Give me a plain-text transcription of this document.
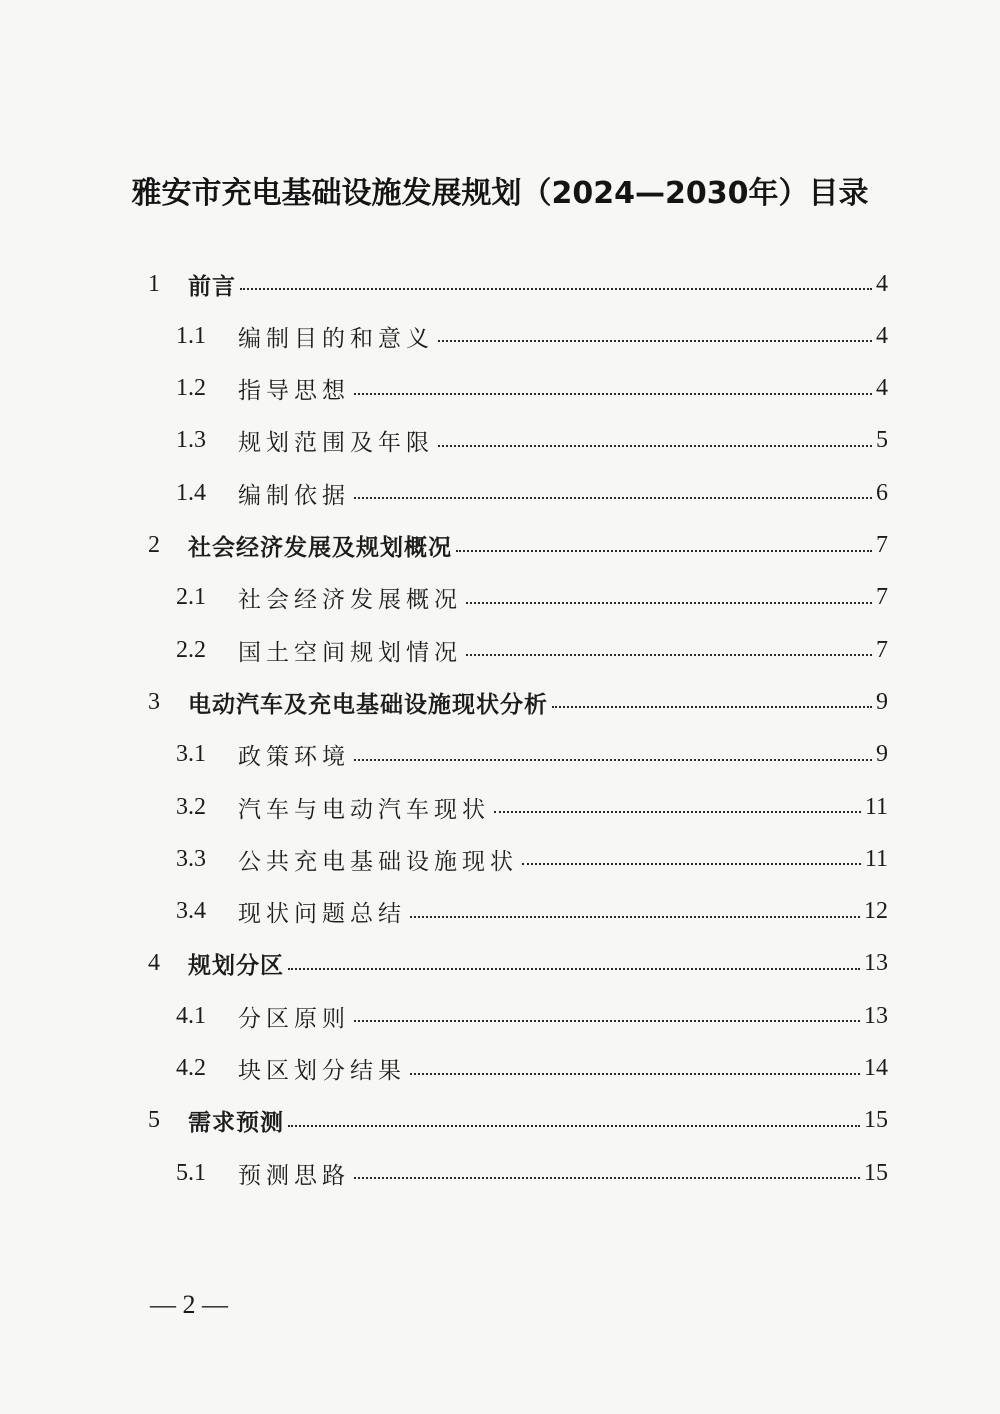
雅安市充电基础设施发展规划（2024—2030年）目录
1	前言	4
1.1	编制目的和意义	4
1.2	指导思想	4
1.3	规划范围及年限	5
1.4	编制依据	6
2	社会经济发展及规划概况	7
2.1	社会经济发展概况	7
2.2	国土空间规划情况	7
3	电动汽车及充电基础设施现状分析	9
3.1	政策环境	9
3.2	汽车与电动汽车现状	11
3.3	公共充电基础设施现状	11
3.4	现状问题总结	12
4	规划分区	13
4.1	分区原则	13
4.2	块区划分结果	14
5	需求预测	15
5.1	预测思路	15
— 2 —
